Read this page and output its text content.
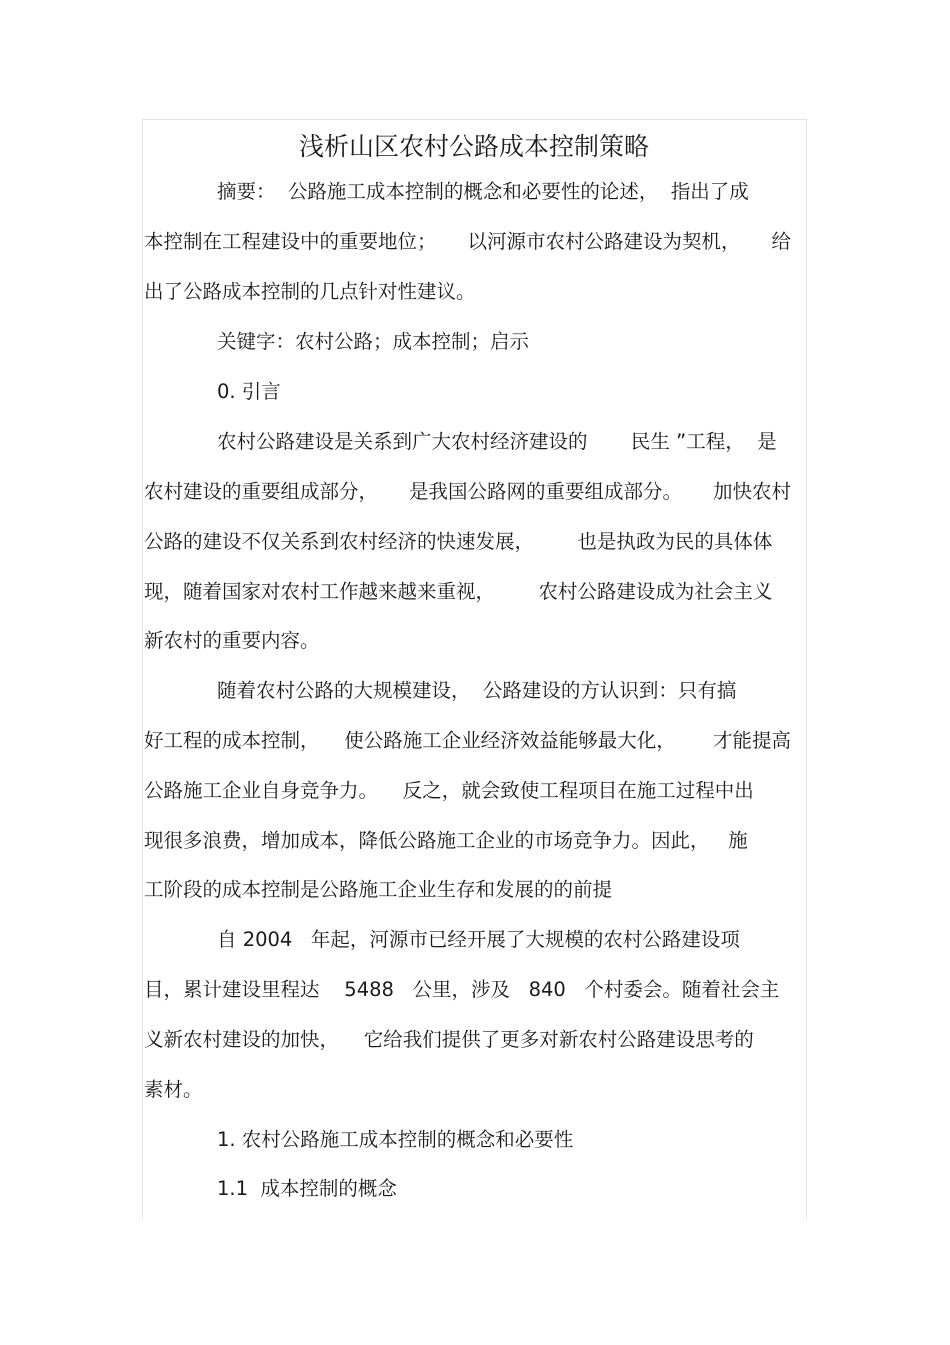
浅析山区农村公路成本控制策略
摘要：  公路施工成本控制的概念和必要性的论述，  指出了成
本控制在工程建设中的重要地位；     以河源市农村公路建设为契机，     给
出了公路成本控制的几点针对性建议。
关键字：农村公路；成本控制；启示
0. 引言
农村公路建设是关系到广大农村经济建设的       民生 ”工程，  是
农村建设的重要组成部分，     是我国公路网的重要组成部分。     加快农村
公路的建设不仅关系到农村经济的快速发展，       也是执政为民的具体体
现，随着国家对农村工作越来越来重视，       农村公路建设成为社会主义
新农村的重要内容。
随着农村公路的大规模建设，  公路建设的方认识到：只有搞
好工程的成本控制，    使公路施工企业经济效益能够最大化，      才能提高
公路施工企业自身竞争力。    反之，就会致使工程项目在施工过程中出
现很多浪费，增加成本，降低公路施工企业的市场竞争力。因此，   施
工阶段的成本控制是公路施工企业生存和发展的的前提
自 2004   年起，河源市已经开展了大规模的农村公路建设项
目，累计建设里程达    5488   公里，涉及   840   个村委会。随着社会主
义新农村建设的加快，    它给我们提供了更多对新农村公路建设思考的
素材。
1. 农村公路施工成本控制的概念和必要性
1.1  成本控制的概念
